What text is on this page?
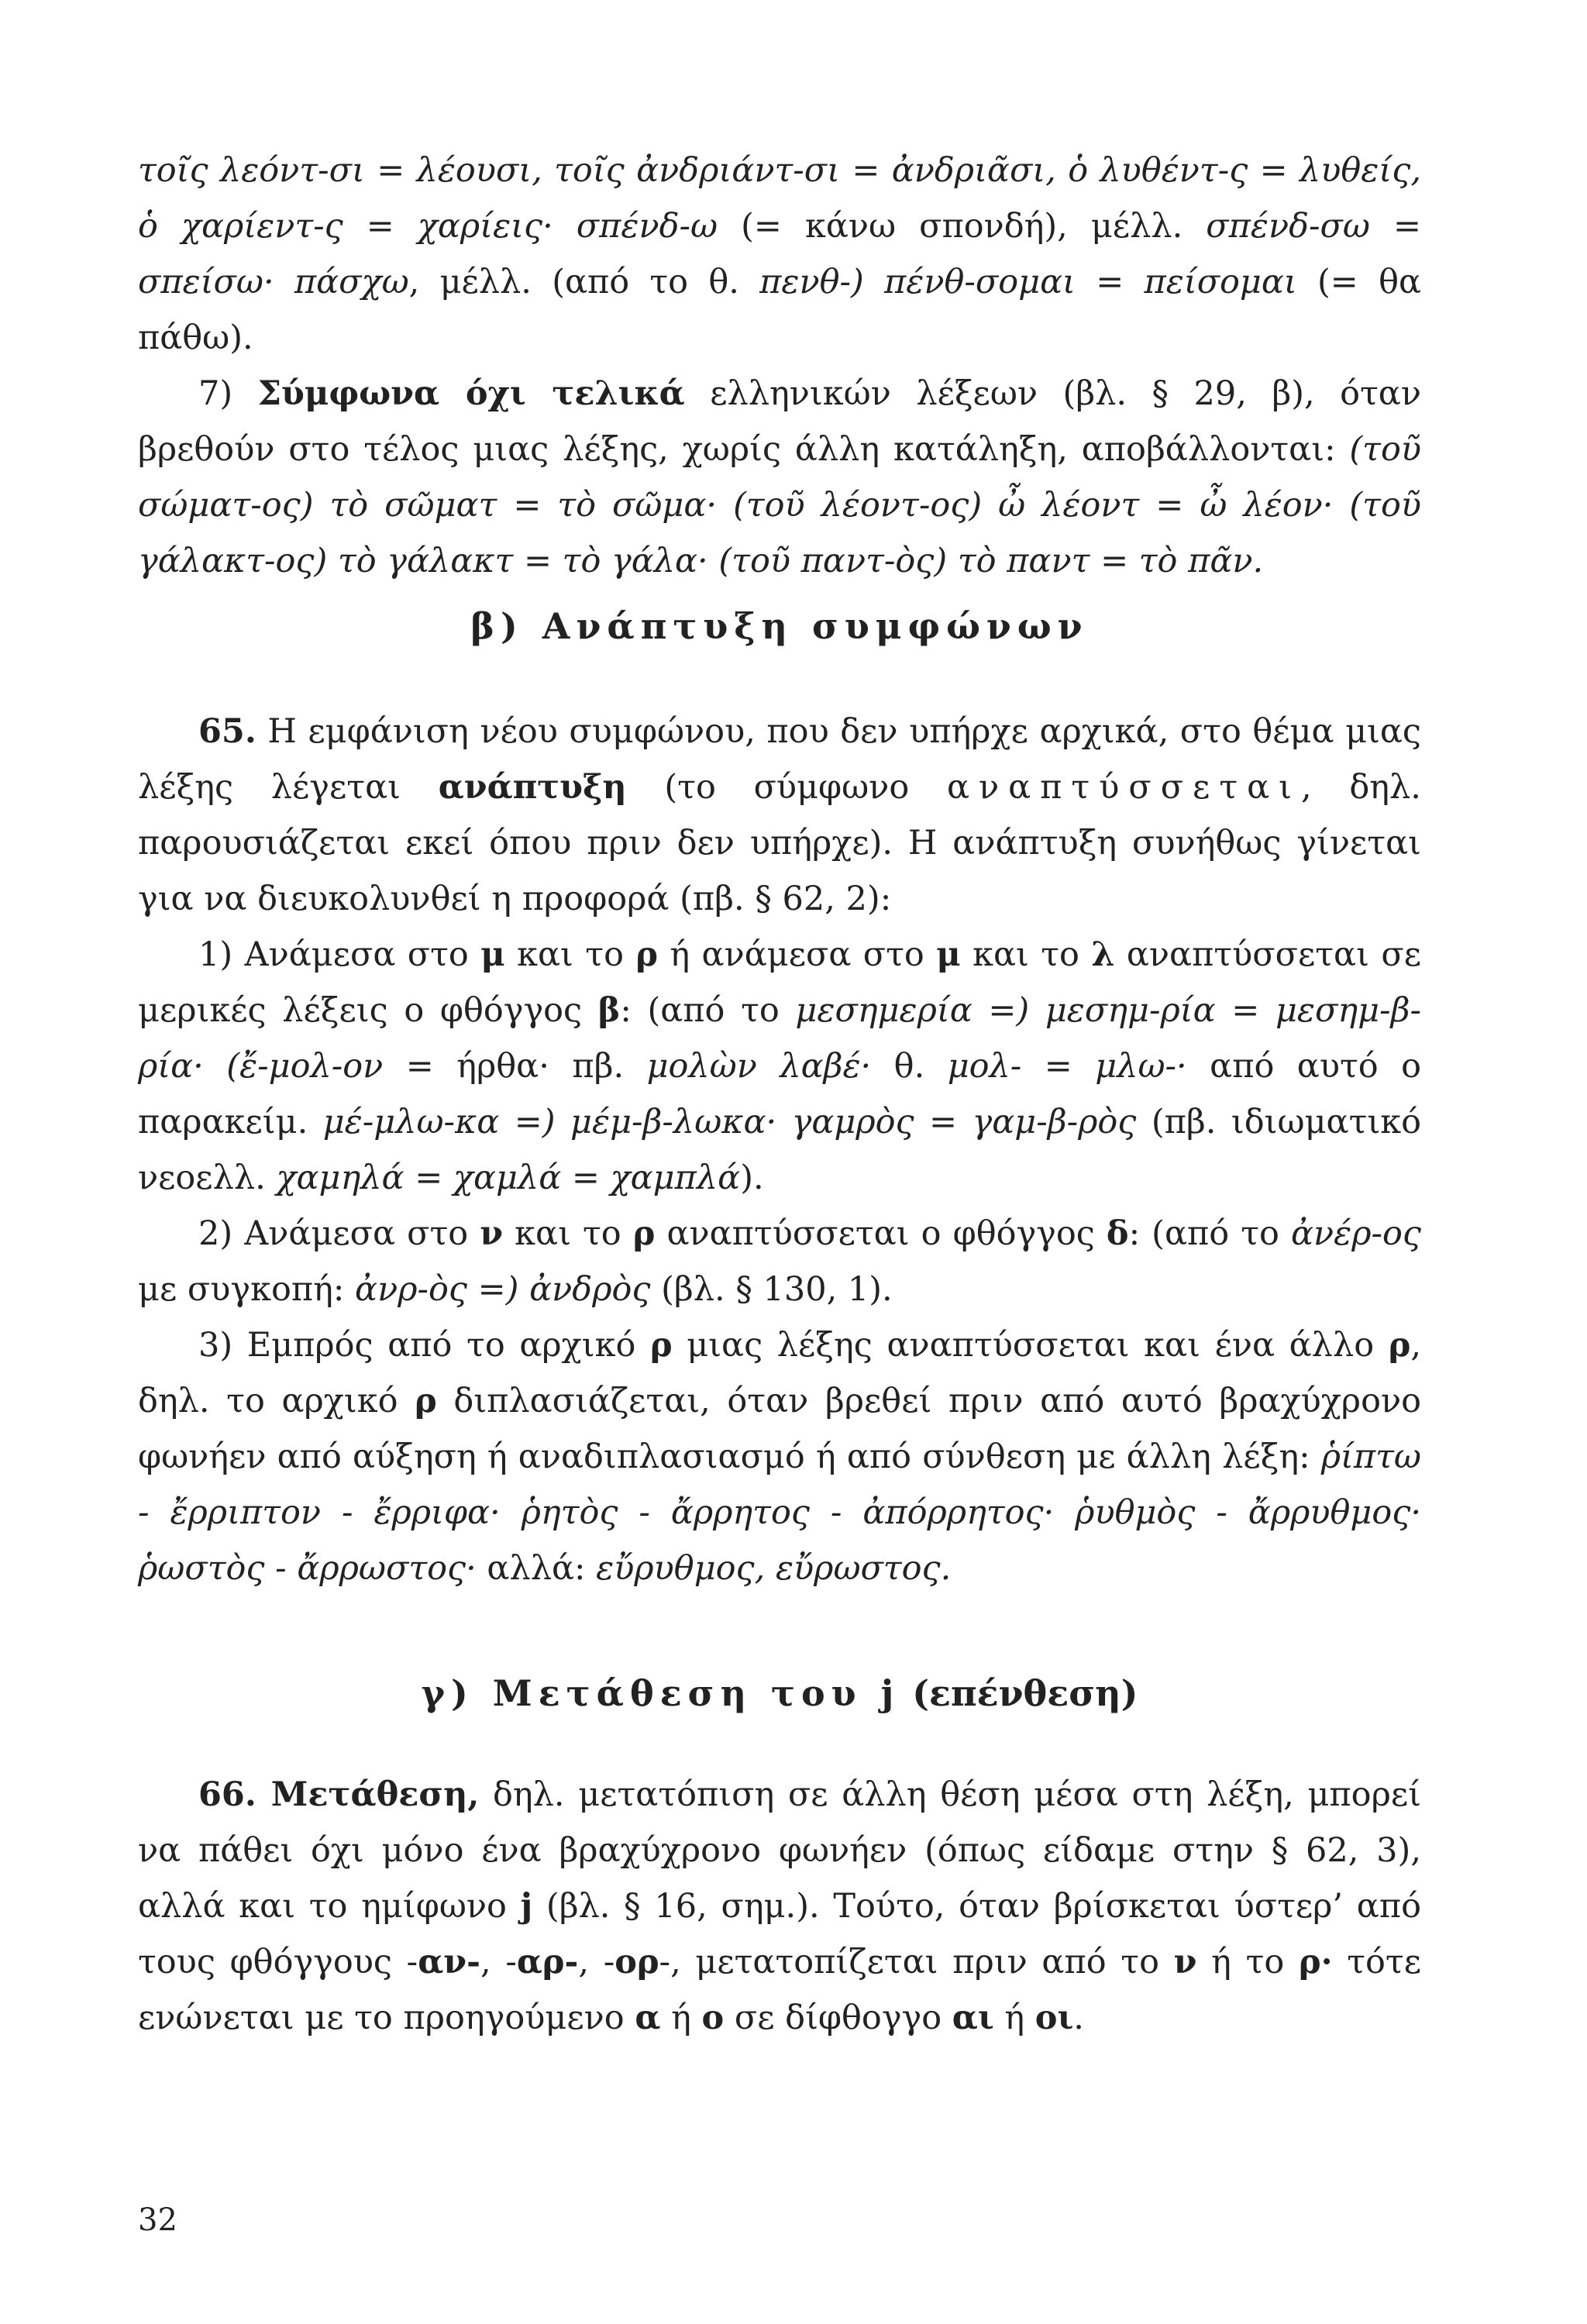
τοῖς λεόντ-σι = λέουσι, τοῖς ἀνδριάντ-σι = ἀνδριᾶσι, ὁ λυθέντ-ς = λυθείς, ὁ χαρίεντ-ς = χαρίεις· σπένδ-ω (= κάνω σπονδή), μέλλ. σπένδ-σω = σπείσω· πάσχω, μέλλ. (από το θ. πενθ-) πένθ-σομαι = πείσομαι (= θα πάθω).

7) Σύμφωνα όχι τελικά ελληνικών λέξεων (βλ. § 29, β), όταν βρεθούν στο τέλος μιας λέξης, χωρίς άλλη κατάληξη, αποβάλλονται: (τοῦ σώματ-ος) τὸ σῶματ = τὸ σῶμα· (τοῦ λέοντ-ος) ὦ λέοντ = ὦ λέον· (τοῦ γάλακτ-ος) τὸ γάλακτ = τὸ γάλα· (τοῦ παντ-ὸς) τὸ παντ = τὸ πᾶν.

β) Ανάπτυξη συμφώνων

65. Η εμφάνιση νέου συμφώνου, που δεν υπήρχε αρχικά, στο θέμα μιας λέξης λέγεται ανάπτυξη (το σύμφωνο αναπτύσσεται, δηλ. παρουσιάζεται εκεί όπου πριν δεν υπήρχε). Η ανάπτυξη συνήθως γίνεται για να διευκολυνθεί η προφορά (πβ. § 62, 2):

1) Ανάμεσα στο μ και το ρ ή ανάμεσα στο μ και το λ αναπτύσσεται σε μερικές λέξεις ο φθόγγος β: (από το μεσημερία =) μεσημ-ρία = μεσημ-β-ρία· (ἔ-μολ-ον = ήρθα· πβ. μολὼν λαβέ· θ. μολ- = μλω-· από αυτό ο παρακείμ. μέ-μλω-κα =) μέμ-β-λωκα· γαμρὸς = γαμ-β-ρὸς (πβ. ιδιωματικό νεοελλ. χαμηλά = χαμλά = χαμπλά).

2) Ανάμεσα στο ν και το ρ αναπτύσσεται ο φθόγγος δ: (από το ἀνέρ-ος με συγκοπή: ἀνρ-ὸς =) ἀνδρὸς (βλ. § 130, 1).

3) Εμπρός από το αρχικό ρ μιας λέξης αναπτύσσεται και ένα άλλο ρ, δηλ. το αρχικό ρ διπλασιάζεται, όταν βρεθεί πριν από αυτό βραχύχρονο φωνήεν από αύξηση ή αναδιπλασιασμό ή από σύνθεση με άλλη λέξη: ῥίπτω - ἔρριπτον - ἔρριφα· ῥητὸς - ἄρρητος - ἀπόρρητος· ῥυθμὸς - ἄρρυθμος· ῥωστὸς - ἄρρωστος· αλλά: εὔρυθμος, εὔρωστος.

γ) Μετάθεση του j (επένθεση)

66. Μετάθεση, δηλ. μετατόπιση σε άλλη θέση μέσα στη λέξη, μπορεί να πάθει όχι μόνο ένα βραχύχρονο φωνήεν (όπως είδαμε στην § 62, 3), αλλά και το ημίφωνο j (βλ. § 16, σημ.). Τούτο, όταν βρίσκεται ύστερ’ από τους φθόγγους -αν-, -αρ-, -ορ-, μετατοπίζεται πριν από το ν ή το ρ· τότε ενώνεται με το προηγούμενο α ή ο σε δίφθογγο αι ή οι.

32
